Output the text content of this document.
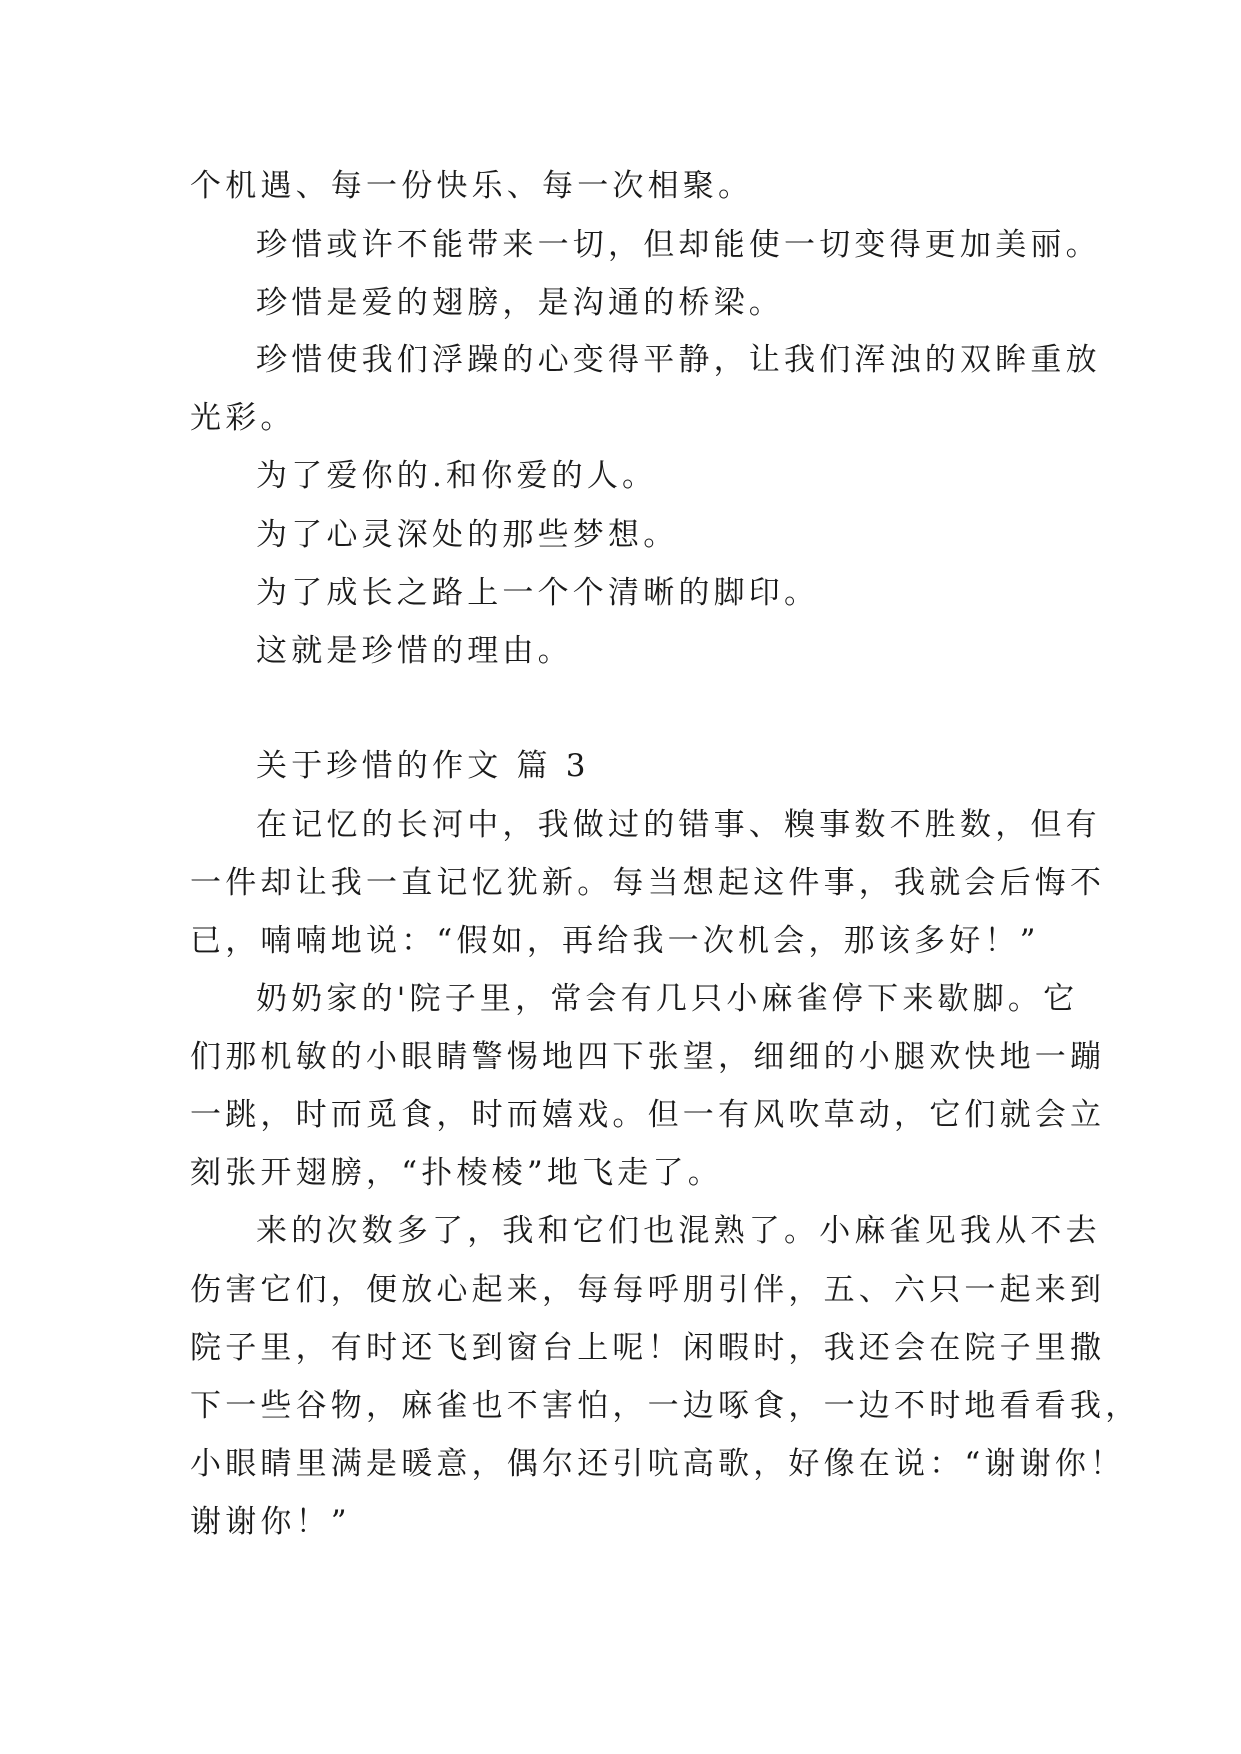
个机遇、每一份快乐、每一次相聚。
珍惜或许不能带来一切，但却能使一切变得更加美丽。
珍惜是爱的翅膀，是沟通的桥梁。
珍惜使我们浮躁的心变得平静，让我们浑浊的双眸重放
光彩。
为了爱你的.和你爱的人。
为了心灵深处的那些梦想。
为了成长之路上一个个清晰的脚印。
这就是珍惜的理由。
关于珍惜的作文 篇 3
在记忆的长河中，我做过的错事、糗事数不胜数，但有
一件却让我一直记忆犹新。每当想起这件事，我就会后悔不
已，喃喃地说：“假如，再给我一次机会，那该多好！”
奶奶家的'院子里，常会有几只小麻雀停下来歇脚。它
们那机敏的小眼睛警惕地四下张望，细细的小腿欢快地一蹦
一跳，时而觅食，时而嬉戏。但一有风吹草动，它们就会立
刻张开翅膀，“扑棱棱”地飞走了。
来的次数多了，我和它们也混熟了。小麻雀见我从不去
伤害它们，便放心起来，每每呼朋引伴，五、六只一起来到
院子里，有时还飞到窗台上呢！闲暇时，我还会在院子里撒
下一些谷物，麻雀也不害怕，一边啄食，一边不时地看看我，
小眼睛里满是暖意，偶尔还引吭高歌，好像在说：“谢谢你！
谢谢你！”
